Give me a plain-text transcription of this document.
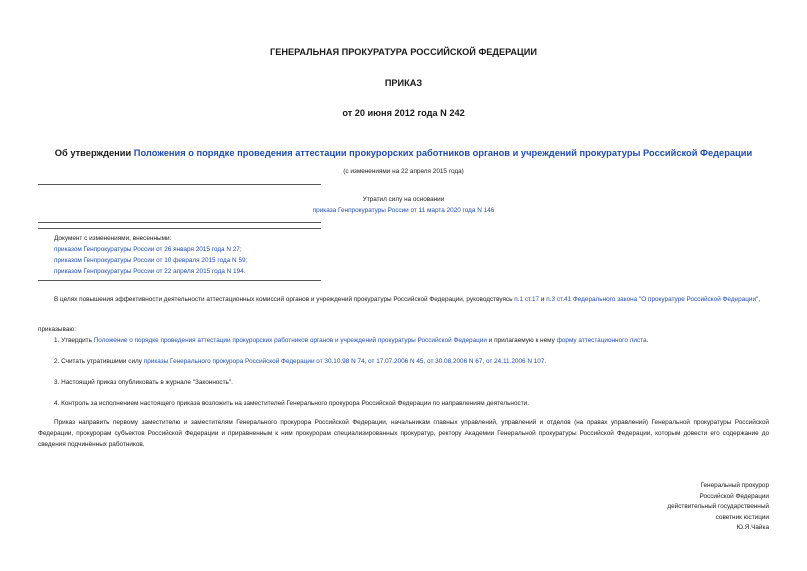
ГЕНЕРАЛЬНАЯ ПРОКУРАТУРА РОССИЙСКОЙ ФЕДЕРАЦИИ
ПРИКАЗ
от 20 июня 2012 года N 242
Об утверждении Положения о порядке проведения аттестации прокурорских работников органов и учреждений прокуратуры Российской Федерации
(с изменениями на 22 апреля 2015 года)
Утратил силу на основании
приказа Генпрокуратуры России от 11 марта 2020 года N 146
Документ с изменениями, внесенными:
приказом Генпрокуратуры России от 26 января 2015 года N 27;
приказом Генпрокуратуры России от 10 февраля 2015 года N 59;
приказом Генпрокуратуры России от 22 апреля 2015 года N 194.
В целях повышения эффективности деятельности аттестационных комиссий органов и учреждений прокуратуры Российской Федерации, руководствуясь п.1 ст.17 и п.3 ст.41 Федерального закона "О прокуратуре Российской Федерации",
приказываю:
1. Утвердить Положение о порядке проведения аттестации прокурорских работников органов и учреждений прокуратуры Российской Федерации и прилагаемую к нему форму аттестационного листа.
2. Считать утратившими силу приказы Генерального прокурора Российской Федерации от 30.10.98 N 74, от 17.07.2006 N 45, от 30.08.2006 N 67, от 24.11.2006 N 107.
3. Настоящий приказ опубликовать в журнале "Законность".
4. Контроль за исполнением настоящего приказа возложить на заместителей Генерального прокурора Российской Федерации по направлениям деятельности.
Приказ направить первому заместителю и заместителям Генерального прокурора Российской Федерации, начальникам главных управлений, управлений и отделов (на правах управлений) Генеральной прокуратуры Российской Федерации, прокурорам субъектов Российской Федерации и приравненным к ним прокурорам специализированных прокуратур, ректору Академии Генеральной прокуратуры Российской Федерации, которым довести его содержание до сведения подчинённых работников.
Генеральный прокурор
Российской Федерации
действительный государственный
советник юстиции
Ю.Я.Чайка
